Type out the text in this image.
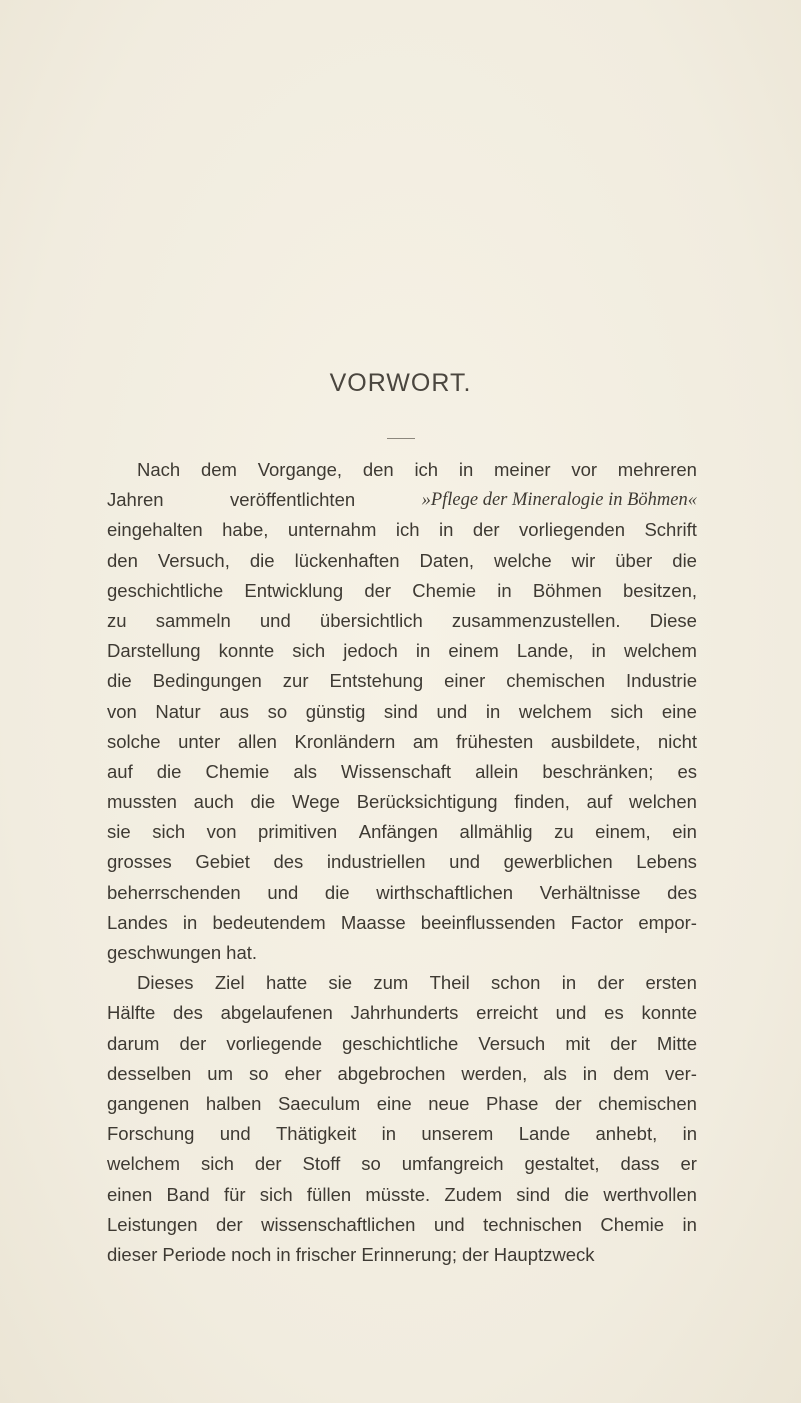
VORWORT.
Nach dem Vorgange, den ich in meiner vor mehreren
Jahren	veröffentlichten	»Pflege der Mineralogie in Böhmen«
eingehalten habe, unternahm ich in der vorliegenden Schrift
den Versuch, die lückenhaften Daten, welche wir über die
geschichtliche Entwicklung der Chemie in Böhmen besitzen,
zu sammeln und übersichtlich zusammenzustellen. Diese
Darstellung konnte sich jedoch in einem Lande, in welchem
die Bedingungen zur Entstehung einer chemischen Industrie
von Natur aus so günstig sind und in welchem sich eine
solche unter allen Kronländern am frühesten ausbildete, nicht
auf die Chemie als Wissenschaft allein beschränken; es
mussten auch die Wege Berücksichtigung finden, auf welchen
sie sich von primitiven Anfängen allmählig zu einem, ein
grosses Gebiet des industriellen und gewerblichen Lebens
beherrschenden und die wirthschaftlichen Verhältnisse des
Landes in bedeutendem Maasse beeinflussenden Factor empor-
geschwungen hat.
Dieses Ziel hatte sie zum Theil schon in der ersten
Hälfte des abgelaufenen Jahrhunderts erreicht und es konnte
darum der vorliegende geschichtliche Versuch mit der Mitte
desselben um so eher abgebrochen werden, als in dem ver-
gangenen halben Saeculum eine neue Phase der chemischen
Forschung und Thätigkeit in unserem Lande anhebt, in
welchem sich der Stoff so umfangreich gestaltet, dass er
einen Band für sich füllen müsste. Zudem sind die werthvollen
Leistungen der wissenschaftlichen und technischen Chemie in
dieser Periode noch in frischer Erinnerung; der Hauptzweck
